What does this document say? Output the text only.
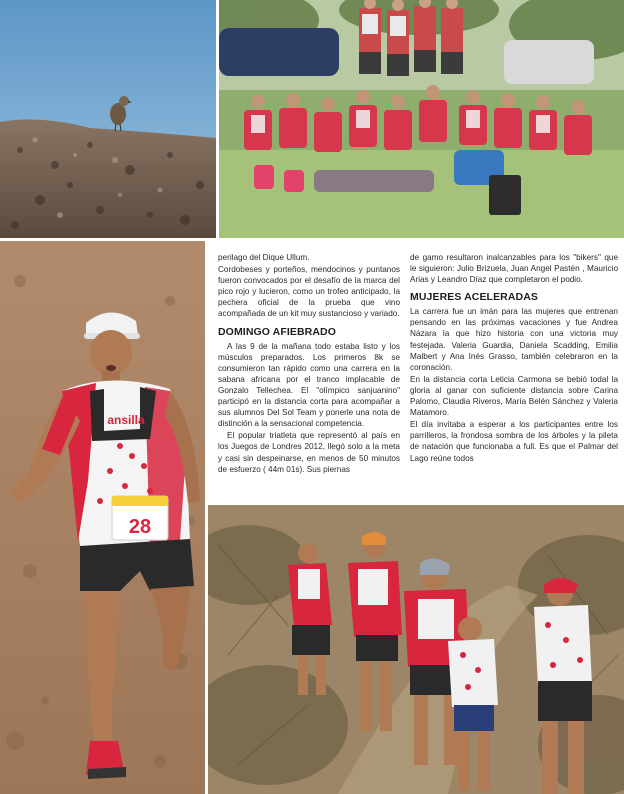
ansilla
28

perilago del Dique Ullum.

Cordobeses y porteños, mendocinos y puntanos fueron convocados por el desafío de la marca del pico rojo y lucieron, como un trofeo anticipado, la pechera oficial de la prueba que vino acompañada de un kit muy sustancioso y variado.

DOMINGO AFIEBRADO

A las 9 de la mañana todo estaba listo y los músculos preparados. Los primeros 8k se consumieron tan rápido como una carrera en la sabana africana por el tranco implacable de Gonzalo Tellechea. El "olímpico sanjuanino" participó en la distancia corta para acompañar a sus alumnos Del Sol Team y ponerle una nota de distinción a la sensacional competencia.

El popular triatleta que representó al país en los Juegos de Londres 2012, llegó solo a la meta y casi sin despeinarse, en menos de 50 minutos de esfuerzo ( 44m 01s). Sus piernas

de gamo resultaron inalcanzables para los "bikers" que le siguieron: Julio Brizuela, Juan Angel Pastén , Mauricio Arias y Leandro Díaz que completaron el podio.

MUJERES ACELERADAS

La carrera fue un imán para las mujeres que entrenan pensando en las próximas vacaciones y fue Andrea Názara la que hizo historia con una victoria muy festejada. Valeria Guardia, Daniela Scadding, Emilia Malbert y Ana Inés Grasso, también celebraron en la coronación.

En la distancia corta Leticia Carmona se bebió todal la gloria al ganar con suficiente distancia sobre Carina Palomo, Claudia Riveros, María Belén Sánchez y Valeria Matamoro.

El día invitaba a esperar a los participantes entre los parrilleros, la frondosa sombra de los árboles y la pileta de natación que funcionaba a full. Es que el Palmar del Lago reúne todos
